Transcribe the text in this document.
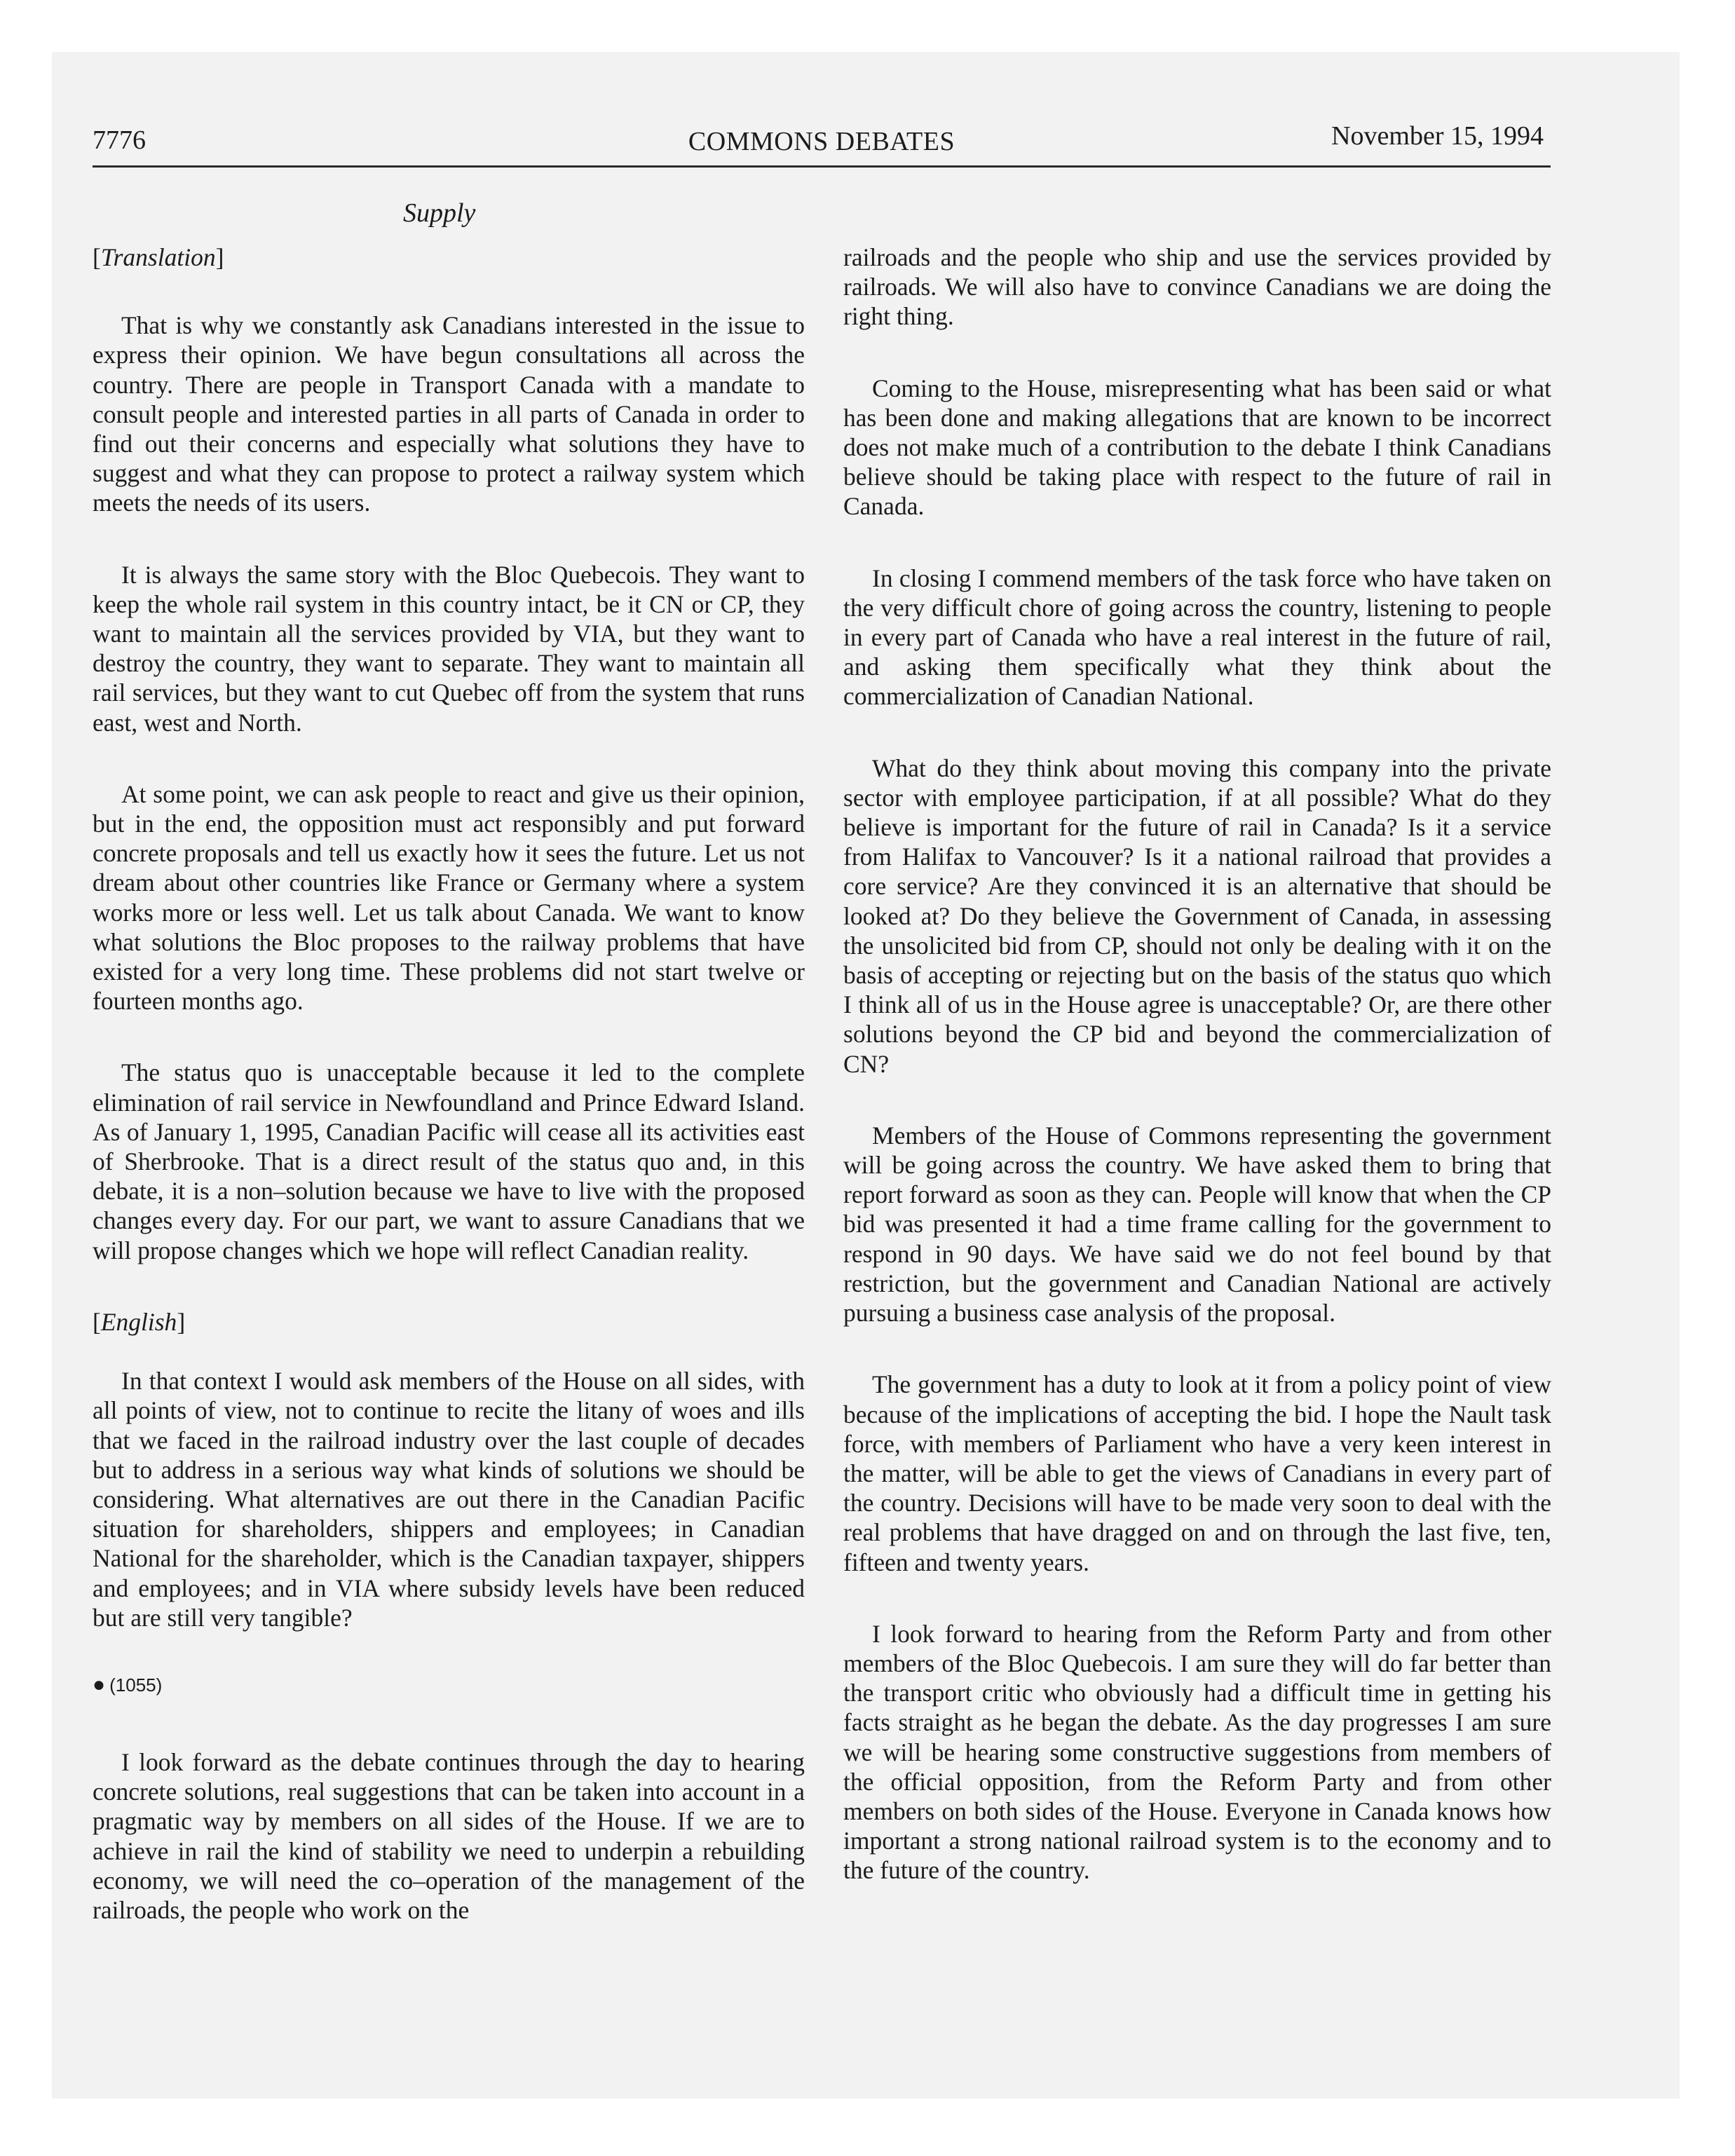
7776	COMMONS DEBATES	November 15, 1994
Supply

[Translation]

That is why we constantly ask Canadians interested in the issue to express their opinion. We have begun consultations all across the country. There are people in Transport Canada with a mandate to consult people and interested parties in all parts of Canada in order to find out their concerns and especially what solutions they have to suggest and what they can propose to protect a railway system which meets the needs of its users.

It is always the same story with the Bloc Quebecois. They want to keep the whole rail system in this country intact, be it CN or CP, they want to maintain all the services provided by VIA, but they want to destroy the country, they want to separate. They want to maintain all rail services, but they want to cut Quebec off from the system that runs east, west and North.

At some point, we can ask people to react and give us their opinion, but in the end, the opposition must act responsibly and put forward concrete proposals and tell us exactly how it sees the future. Let us not dream about other countries like France or Germany where a system works more or less well. Let us talk about Canada. We want to know what solutions the Bloc proposes to the railway problems that have existed for a very long time. These problems did not start twelve or fourteen months ago.

The status quo is unacceptable because it led to the complete elimination of rail service in Newfoundland and Prince Edward Island. As of January 1, 1995, Canadian Pacific will cease all its activities east of Sherbrooke. That is a direct result of the status quo and, in this debate, it is a non–solution because we have to live with the proposed changes every day. For our part, we want to assure Canadians that we will propose changes which we hope will reflect Canadian reality.

[English]

In that context I would ask members of the House on all sides, with all points of view, not to continue to recite the litany of woes and ills that we faced in the railroad industry over the last couple of decades but to address in a serious way what kinds of solutions we should be considering. What alternatives are out there in the Canadian Pacific situation for shareholders, shippers and employees; in Canadian National for the shareholder, which is the Canadian taxpayer, shippers and employees; and in VIA where subsidy levels have been reduced but are still very tangible?

● (1055)

I look forward as the debate continues through the day to hearing concrete solutions, real suggestions that can be taken into account in a pragmatic way by members on all sides of the House. If we are to achieve in rail the kind of stability we need to underpin a rebuilding economy, we will need the co–operation of the management of the railroads, the people who work on the

railroads and the people who ship and use the services provided by railroads. We will also have to convince Canadians we are doing the right thing.

Coming to the House, misrepresenting what has been said or what has been done and making allegations that are known to be incorrect does not make much of a contribution to the debate I think Canadians believe should be taking place with respect to the future of rail in Canada.

In closing I commend members of the task force who have taken on the very difficult chore of going across the country, listening to people in every part of Canada who have a real interest in the future of rail, and asking them specifically what they think about the commercialization of Canadian National.

What do they think about moving this company into the private sector with employee participation, if at all possible? What do they believe is important for the future of rail in Canada? Is it a service from Halifax to Vancouver? Is it a national railroad that provides a core service? Are they convinced it is an alternative that should be looked at? Do they believe the Government of Canada, in assessing the unsolicited bid from CP, should not only be dealing with it on the basis of accepting or rejecting but on the basis of the status quo which I think all of us in the House agree is unacceptable? Or, are there other solutions beyond the CP bid and beyond the commercialization of CN?

Members of the House of Commons representing the government will be going across the country. We have asked them to bring that report forward as soon as they can. People will know that when the CP bid was presented it had a time frame calling for the government to respond in 90 days. We have said we do not feel bound by that restriction, but the government and Canadian National are actively pursuing a business case analysis of the proposal.

The government has a duty to look at it from a policy point of view because of the implications of accepting the bid. I hope the Nault task force, with members of Parliament who have a very keen interest in the matter, will be able to get the views of Canadians in every part of the country. Decisions will have to be made very soon to deal with the real problems that have dragged on and on through the last five, ten, fifteen and twenty years.

I look forward to hearing from the Reform Party and from other members of the Bloc Quebecois. I am sure they will do far better than the transport critic who obviously had a difficult time in getting his facts straight as he began the debate. As the day progresses I am sure we will be hearing some constructive suggestions from members of the official opposition, from the Reform Party and from other members on both sides of the House. Everyone in Canada knows how important a strong national railroad system is to the economy and to the future of the country.
